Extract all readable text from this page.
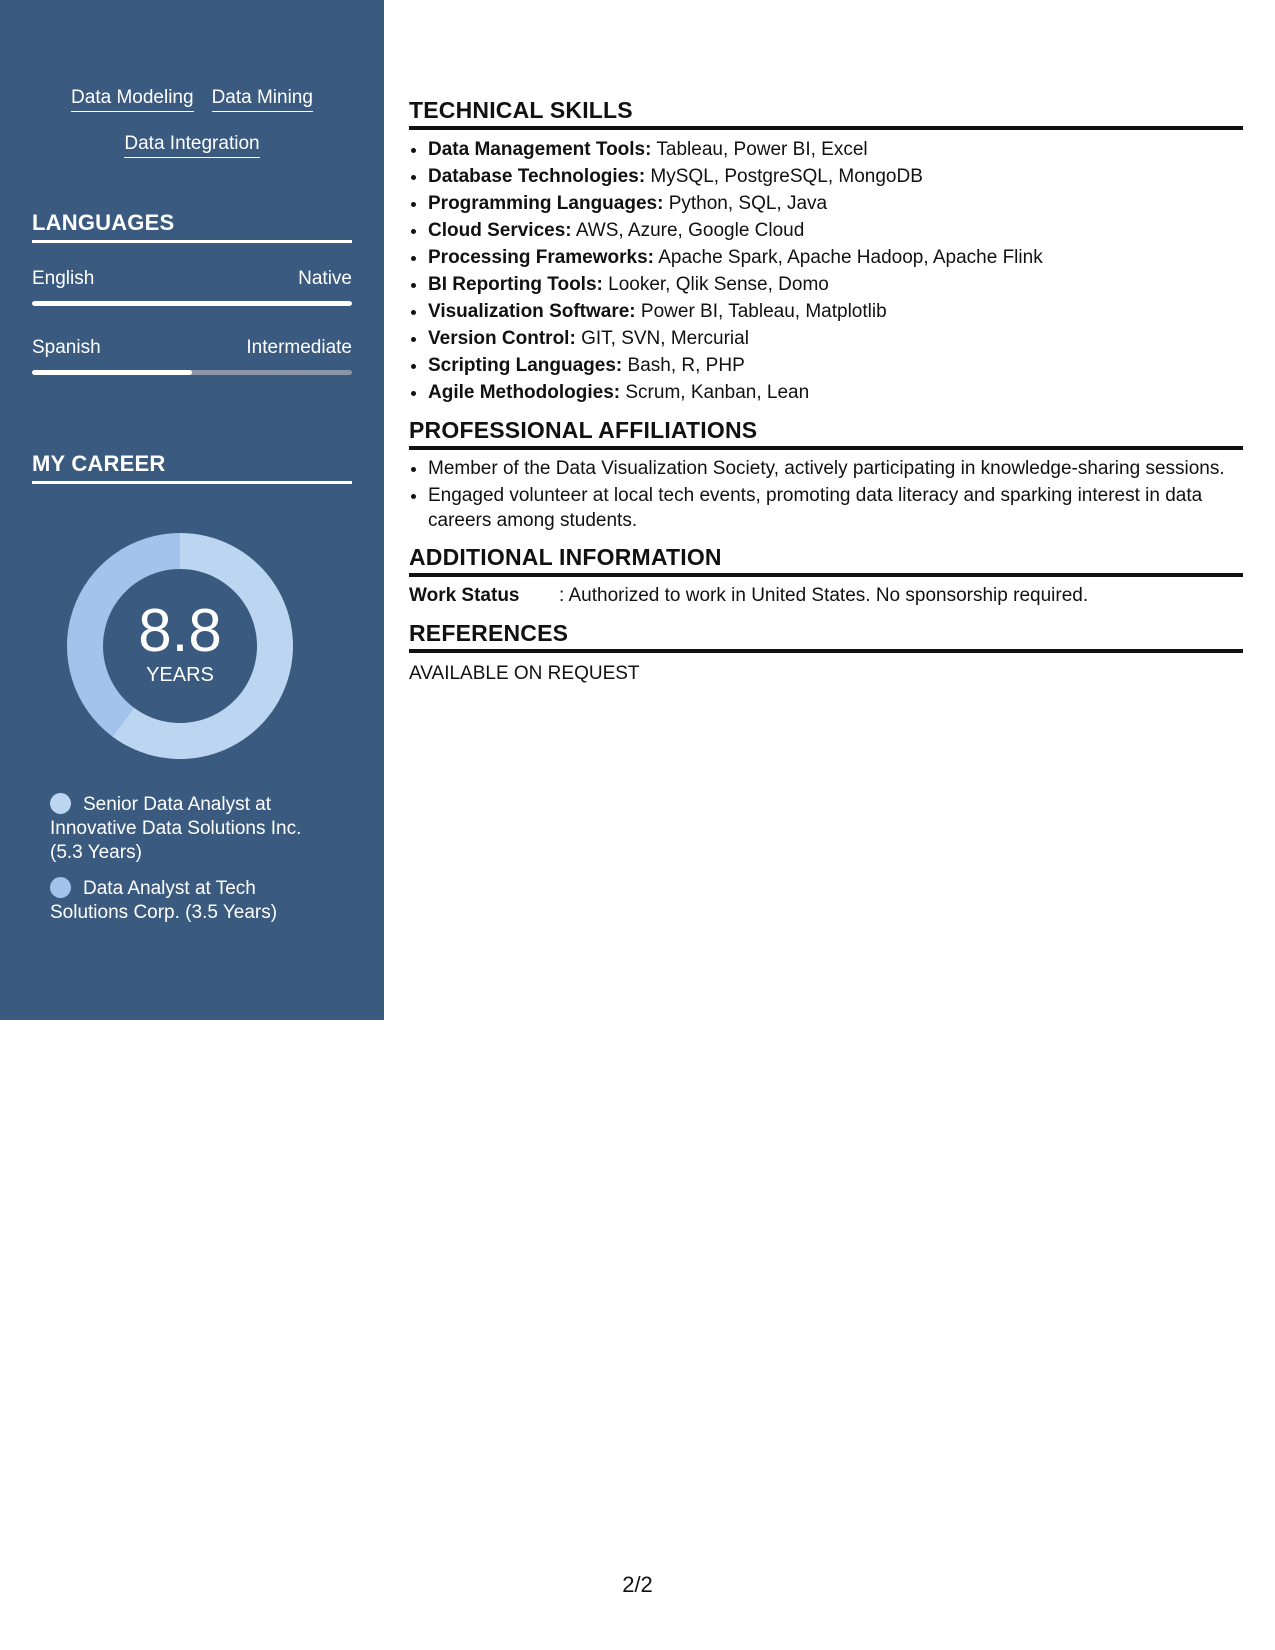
Data Modeling Data Mining
Data Integration
LANGUAGES
English	Native
Spanish	Intermediate
MY CAREER
8.8
YEARS
Senior Data Analyst at Innovative Data Solutions Inc. (5.3 Years)
Data Analyst at Tech Solutions Corp. (3.5 Years)
TECHNICAL SKILLS
• Data Management Tools: Tableau, Power BI, Excel
• Database Technologies: MySQL, PostgreSQL, MongoDB
• Programming Languages: Python, SQL, Java
• Cloud Services: AWS, Azure, Google Cloud
• Processing Frameworks: Apache Spark, Apache Hadoop, Apache Flink
• BI Reporting Tools: Looker, Qlik Sense, Domo
• Visualization Software: Power BI, Tableau, Matplotlib
• Version Control: GIT, SVN, Mercurial
• Scripting Languages: Bash, R, PHP
• Agile Methodologies: Scrum, Kanban, Lean
PROFESSIONAL AFFILIATIONS
• Member of the Data Visualization Society, actively participating in knowledge-sharing sessions.
• Engaged volunteer at local tech events, promoting data literacy and sparking interest in data careers among students.
ADDITIONAL INFORMATION
Work Status	: Authorized to work in United States. No sponsorship required.
REFERENCES
AVAILABLE ON REQUEST
2/2
